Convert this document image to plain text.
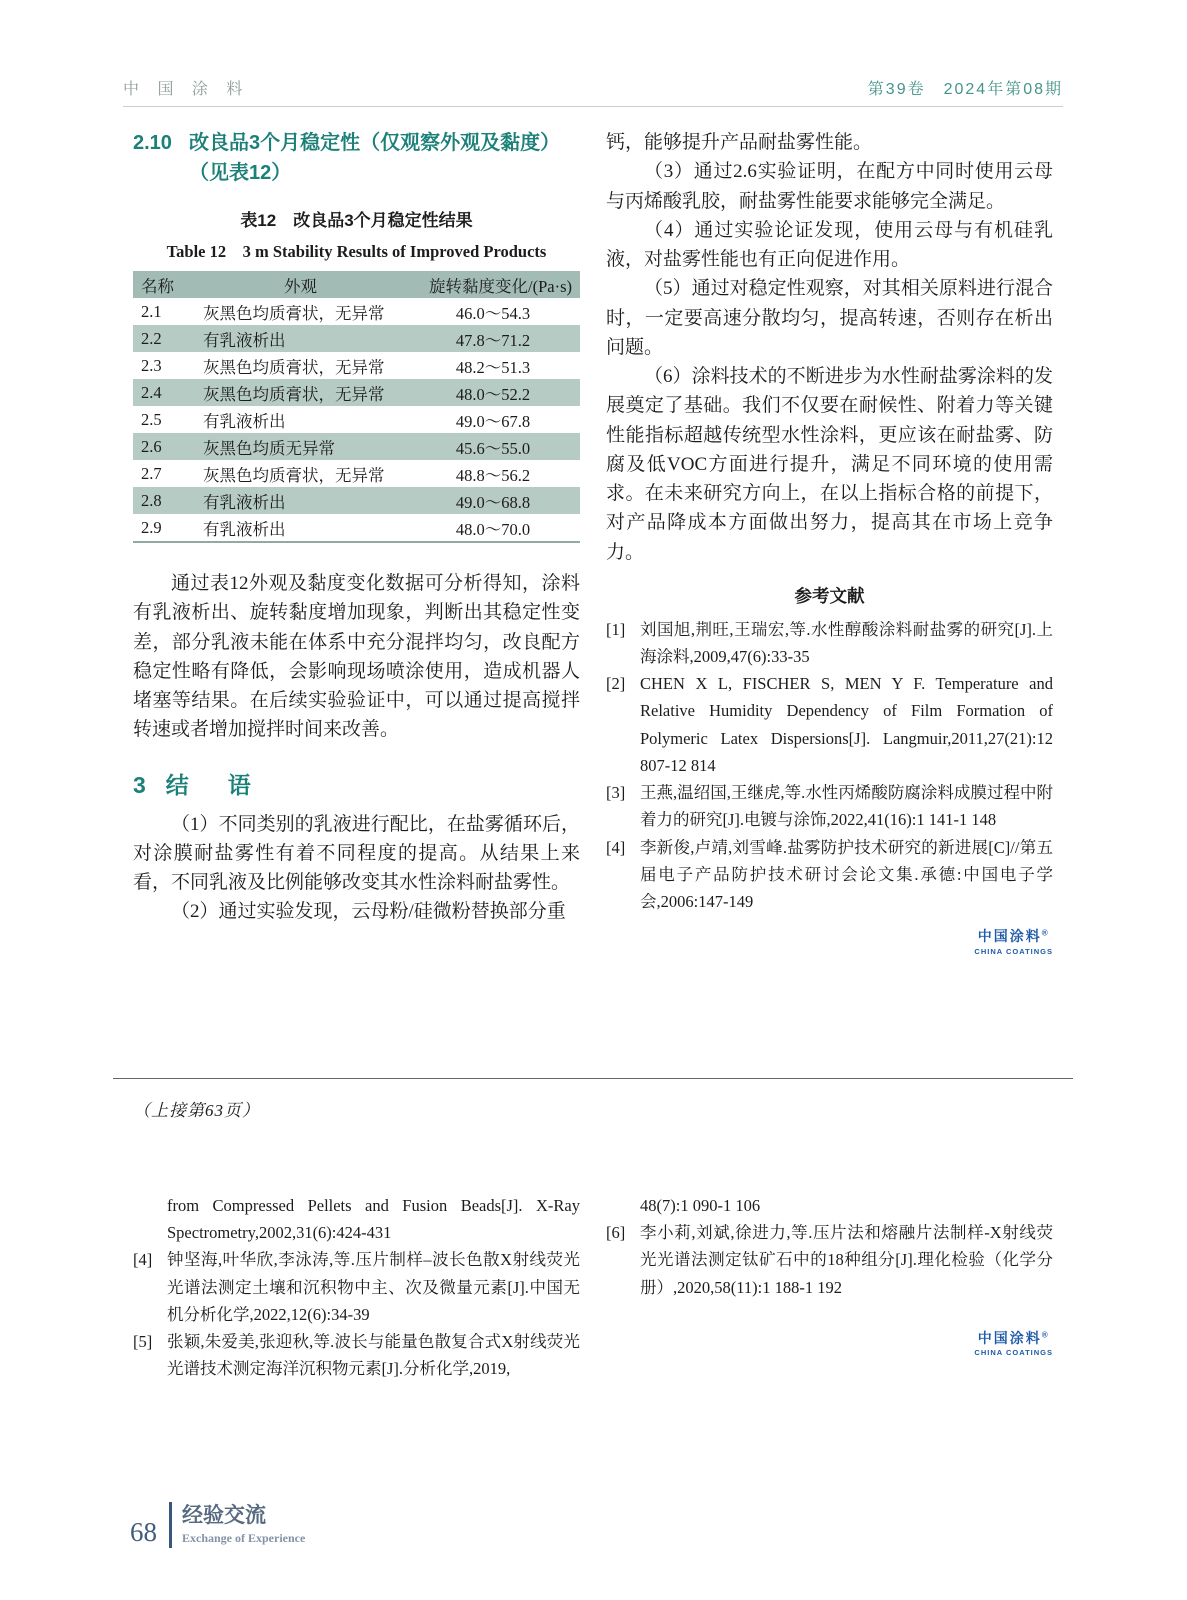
中 国 涂 料	第39卷　2024年第08期
2.10 改良品3个月稳定性（仅观察外观及黏度）（见表12）
表12　改良品3个月稳定性结果
Table 12　3 m Stability Results of Improved Products
名称	外观	旋转黏度变化/(Pa·s)
2.1	灰黑色均质膏状，无异常	46.0～54.3
2.2	有乳液析出	47.8～71.2
2.3	灰黑色均质膏状，无异常	48.2～51.3
2.4	灰黑色均质膏状，无异常	48.0～52.2
2.5	有乳液析出	49.0～67.8
2.6	灰黑色均质无异常	45.6～55.0
2.7	灰黑色均质膏状，无异常	48.8～56.2
2.8	有乳液析出	49.0～68.8
2.9	有乳液析出	48.0～70.0

通过表12外观及黏度变化数据可分析得知，涂料有乳液析出、旋转黏度增加现象，判断出其稳定性变差，部分乳液未能在体系中充分混拌均匀，改良配方稳定性略有降低，会影响现场喷涂使用，造成机器人堵塞等结果。在后续实验验证中，可以通过提高搅拌转速或者增加搅拌时间来改善。

3 结　语

（1）不同类别的乳液进行配比，在盐雾循环后，对涂膜耐盐雾性有着不同程度的提高。从结果上来看，不同乳液及比例能够改变其水性涂料耐盐雾性。

（2）通过实验发现，云母粉/硅微粉替换部分重

钙，能够提升产品耐盐雾性能。

（3）通过2.6实验证明，在配方中同时使用云母与丙烯酸乳胶，耐盐雾性能要求能够完全满足。

（4）通过实验论证发现，使用云母与有机硅乳液，对盐雾性能也有正向促进作用。

（5）通过对稳定性观察，对其相关原料进行混合时，一定要高速分散均匀，提高转速，否则存在析出问题。

（6）涂料技术的不断进步为水性耐盐雾涂料的发展奠定了基础。我们不仅要在耐候性、附着力等关键性能指标超越传统型水性涂料，更应该在耐盐雾、防腐及低VOC方面进行提升，满足不同环境的使用需求。在未来研究方向上，在以上指标合格的前提下，对产品降成本方面做出努力，提高其在市场上竞争力。

参考文献
[1] 刘国旭,荆旺,王瑞宏,等.水性醇酸涂料耐盐雾的研究[J].上海涂料,2009,47(6):33-35
[2] CHEN X L, FISCHER S, MEN Y F. Temperature and Relative Humidity Dependency of Film Formation of Polymeric Latex Dispersions[J]. Langmuir,2011,27(21):12 807-12 814
[3] 王燕,温绍国,王继虎,等.水性丙烯酸防腐涂料成膜过程中附着力的研究[J].电镀与涂饰,2022,41(16):1 141-1 148
[4] 李新俊,卢靖,刘雪峰.盐雾防护技术研究的新进展[C]//第五届电子产品防护技术研讨会论文集.承德:中国电子学会,2006:147-149
中国涂料®
CHINA COATINGS
（上接第63页）
from Compressed Pellets and Fusion Beads[J]. X-Ray Spectrometry,2002,31(6):424-431
[4] 钟坚海,叶华欣,李泳涛,等.压片制样–波长色散X射线荧光光谱法测定土壤和沉积物中主、次及微量元素[J].中国无机分析化学,2022,12(6):34-39
[5] 张颖,朱爱美,张迎秋,等.波长与能量色散复合式X射线荧光光谱技术测定海洋沉积物元素[J].分析化学,2019,
48(7):1 090-1 106
[6] 李小莉,刘斌,徐进力,等.压片法和熔融片法制样-X射线荧光光谱法测定钛矿石中的18种组分[J].理化检验（化学分册）,2020,58(11):1 188-1 192
中国涂料®
CHINA COATINGS
68
经验交流
Exchange of Experience
